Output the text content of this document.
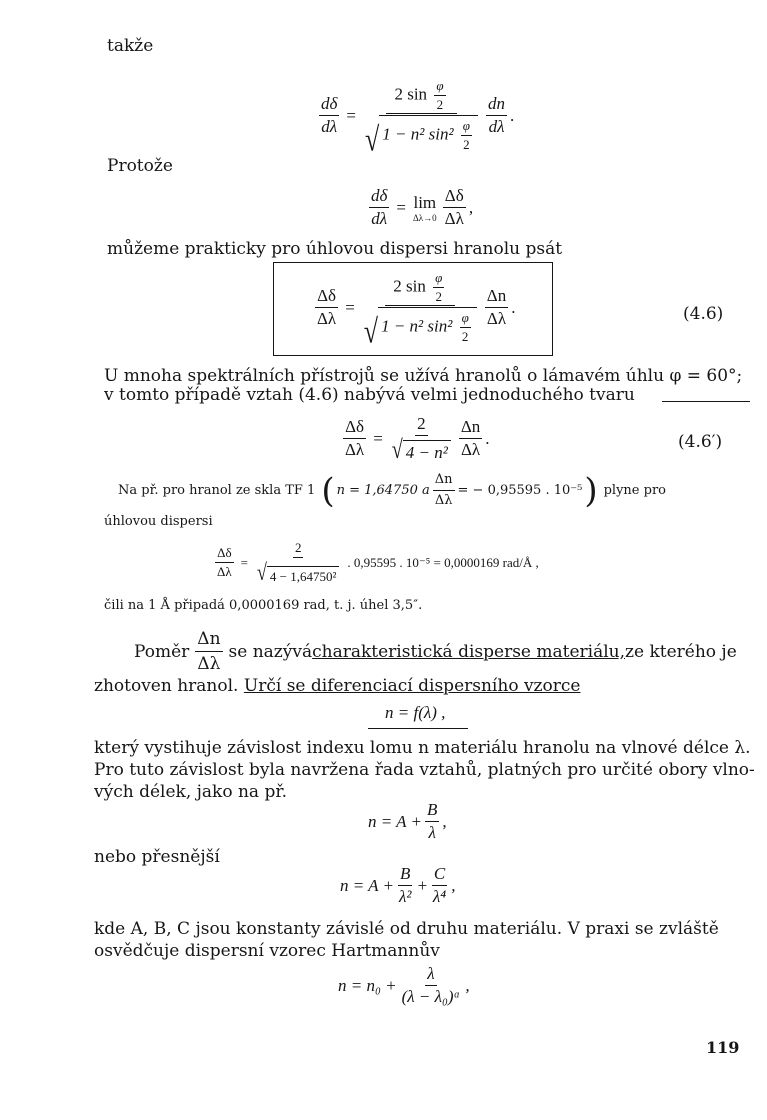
takže
$\frac{d\delta}{d\lambda} = \frac{2 \sin \frac{\varphi}{2}}{√ 1 - n^2 \sin^2 \frac{\varphi}{2}} \frac{dn}{d\lambda}$ .
Protože
$\frac{d\delta}{d\lambda} = \lim$
$\Delta\lambda\to 0 \frac{\Delta\delta}{\Delta\lambda}$ ,
můžeme prakticky pro úhlovou dispersi hranolu psát
$\frac{\Delta\delta}{\Delta\lambda} = \frac{2 \sin \frac{\varphi}{2}}{√ 1 - n^2 \sin^2 \frac{\varphi}{2}} \frac{\Delta n}{\Delta\lambda}$ .	(4.6)
U mnoha spektrálních přístrojů se užívá hranolů o lámavém úhlu φ = 60°;
v tomto případě vztah (4.6) nabývá velmi jednoduchého tvaru
$\frac{\Delta\delta}{\Delta\lambda} = \frac{2}{\text{√ 4 − n²}} \frac{\Delta n}{\Delta\lambda}$ .	(4.6′)
Na př. pro hranol ze skla TF 1 ( n = 1,64750 a $\frac{\Delta n}{\Delta\lambda}$ = − 0,95595 . 10⁻⁵ ) plyne pro
úhlovou dispersi
$\frac{\Delta\delta}{\Delta\lambda} = \frac{2}{\text{√ 4 − 1,64750²}}$ . 0,95595 . 10⁻⁵ = 0,0000169 rad/Å ,
čili na 1 Å připadá 0,0000169 rad, t. j. úhel 3,5″.
Poměr $\frac{\Delta n}{\Delta\lambda}$ se nazývá charakteristická disperse materiálu, ze kterého je
zhotoven hranol. Určí se diferenciací dispersního vzorce
n = f(λ) ,
který vystihuje závislost indexu lomu n materiálu hranolu na vlnové délce λ.
Pro tuto závislost byla navržena řada vztahů, platných pro určité obory vlno-
vých délek, jako na př.
$n = A + \frac{B}{\lambda}$ ,
nebo přesnější
$n = A + \frac{B}{\text{λ²}} + \frac{C}{\text{λ⁴}}$ ,
kde A, B, C jsou konstanty závislé od druhu materiálu. V praxi se zvláště
osvědčuje dispersní vzorec Hartmannův
$n = n_0 + \frac{\lambda}{\text{(λ − λ₀)ᵅ}}$ ,
119
